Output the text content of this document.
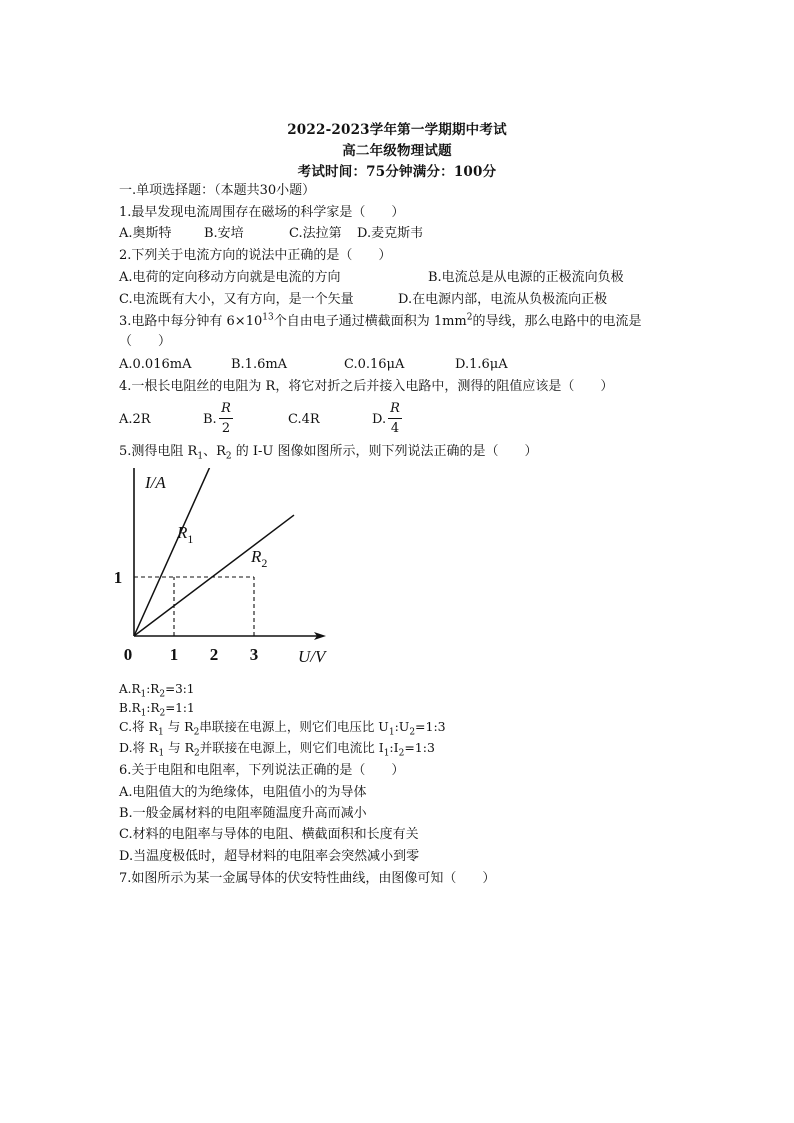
2022-2023学年第一学期期中考试
高二年级物理试题
考试时间：75分钟满分：100分
一.单项选择题：（本题共30小题）
1.最早发现电流周围存在磁场的科学家是（　　）
A.奥斯特 B.安培	C.法拉第 D.麦克斯韦
2.下列关于电流方向的说法中正确的是（　　）
A.电荷的定向移动方向就是电流的方向	B.电流总是从电源的正极流向负极
C.电流既有大小，又有方向，是一个矢量	D.在电源内部，电流从负极流向正极
3.电路中每分钟有 $6\times 10^{13}$个自由电子通过横截面积为 $1mm^2$的导线，那么电路中的电流是
（　　）
A.0.016mA	B.1.6mA	C.0.16μA	D.1.6μA
4.一根长电阻丝的电阻为 R，将它对折之后并接入电路中，测得的阻值应该是（　　）
A.2R	B.
R
2
C.4R	D.
R
4
5.测得电阻 $R_1$、$R_2$ 的 I-U 图像如图所示，则下列说法正确的是（　　）
$R_1$
$R_2$
0 1 2 3
1
I/A
U/V
$A.R_1:R_2=3:1$
$B.R_1:R_2=1:1$
C.将 $R_1$ 与 $R_2$串联接在电源上，则它们电压比 $U_1:U_2=1:3$
D.将 $R_1$ 与 $R_2$并联接在电源上，则它们电流比 $I_1:I_2=1:3$
6.关于电阻和电阻率，下列说法正确的是（　　）
A.电阻值大的为绝缘体，电阻值小的为导体
B.一般金属材料的电阻率随温度升高而减小
C.材料的电阻率与导体的电阻、横截面积和长度有关
D.当温度极低时，超导材料的电阻率会突然减小到零
7.如图所示为某一金属导体的伏安特性曲线，由图像可知（　　）
